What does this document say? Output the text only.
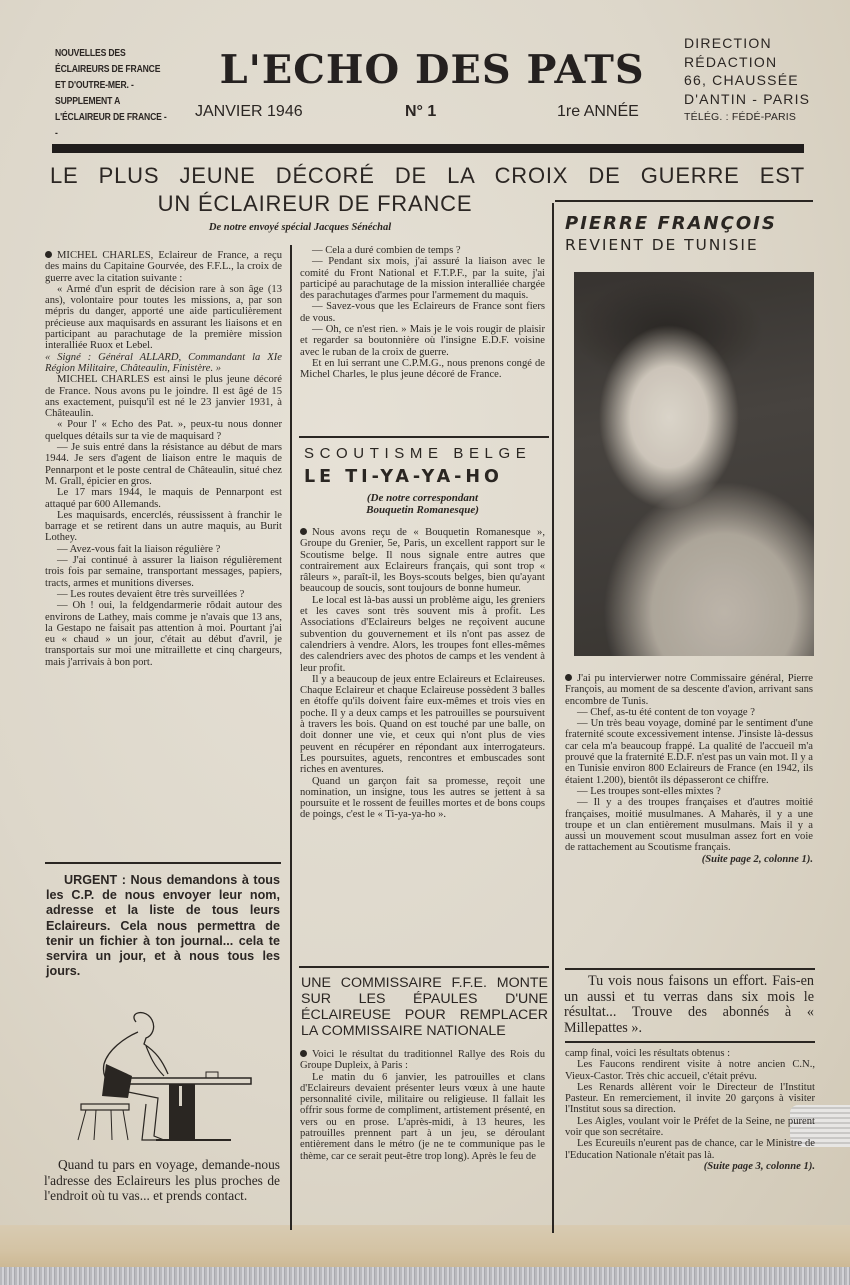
NOUVELLES DES ÉCLAIREURS DE FRANCE ET D'OUTRE-MER. - SUPPLEMENT A L'ÉCLAIREUR DE FRANCE - -
L'ECHO DES PATS
JANVIER 1946	N° 1	1re ANNÉE
DIRECTION
RÉDACTION
66, CHAUSSÉE
D'ANTIN - PARIS
TÉLÉG. : FÉDÉ-PARIS
LE PLUS JEUNE DÉCORÉ DE LA CROIX DE GUERRE EST
UN ÉCLAIREUR DE FRANCE
De notre envoyé spécial Jacques Sénéchal

MICHEL CHARLES, Eclaireur de France, a reçu des mains du Capitaine Gourvée, des F.F.L., la croix de guerre avec la citation suivante :

« Armé d'un esprit de décision rare à son âge (13 ans), volontaire pour toutes les missions, a, par son mépris du danger, apporté une aide particulièrement précieuse aux maquisards en assurant les liaisons et en participant au parachutage de la première mission interalliée Ruox et Lebel.

« Signé : Général ALLARD, Commandant la XIe Région Militaire, Châteaulin, Finistère. »

MICHEL CHARLES est ainsi le plus jeune décoré de France. Nous avons pu le joindre. Il est âgé de 15 ans exactement, puisqu'il est né le 23 janvier 1931, à Châteaulin.

« Pour l' « Echo des Pat. », peux-tu nous donner quelques détails sur ta vie de maquisard ?

— Je suis entré dans la résistance au début de mars 1944. Je sers d'agent de liaison entre le maquis de Pennarpont et le poste central de Châteaulin, situé chez M. Grall, épicier en gros.

Le 17 mars 1944, le maquis de Pennarpont est attaqué par 600 Allemands.

Les maquisards, encerclés, réussissent à franchir le barrage et se retirent dans un autre maquis, au Burit Lothey.

— Avez-vous fait la liaison régulière ?

— J'ai continué à assurer la liaison régulièrement trois fois par semaine, transportant messages, papiers, tracts, armes et munitions diverses.

— Les routes devaient être très surveillées ?

— Oh ! oui, la feldgendarmerie rôdait autour des environs de Lathey, mais comme je n'avais que 13 ans, la Gestapo ne faisait pas attention à moi. Pourtant j'ai eu « chaud » un jour, c'était au début d'avril, je transportais sur moi une mitraillette et cinq chargeurs, mais j'arrivais à bon port.

URGENT : Nous demandons à tous les C.P. de nous envoyer leur nom, adresse et la liste de tous leurs Eclaireurs. Cela nous permettra de tenir un fichier à ton journal... cela te servira un jour, et à nous tous les jours.

Quand tu pars en voyage, demande-nous l'adresse des Eclaireurs les plus proches de l'endroit où tu vas... et prends contact.

— Cela a duré combien de temps ?

— Pendant six mois, j'ai assuré la liaison avec le comité du Front National et F.T.P.F., par la suite, j'ai participé au parachutage de la mission interalliée chargée des parachutages d'armes pour l'armement du maquis.

— Savez-vous que les Eclaireurs de France sont fiers de vous.

— Oh, ce n'est rien. » Mais je le vois rougir de plaisir et regarder sa boutonnière où l'insigne E.D.F. voisine avec le ruban de la croix de guerre.

Et en lui serrant une C.P.M.G., nous prenons congé de Michel Charles, le plus jeune décoré de France.

SCOUTISME BELGE
LE TI-YA-YA-HO
(De notre correspondant
Bouquetin Romanesque)

Nous avons reçu de « Bouquetin Romanesque », Groupe du Grenier, 5e, Paris, un excellent rapport sur le Scoutisme belge. Il nous signale entre autres que contrairement aux Eclaireurs français, qui sont trop « râleurs », paraît-il, les Boys-scouts belges, bien qu'ayant beaucoup de soucis, sont toujours de bonne humeur.

Le local est là-bas aussi un problème aigu, les greniers et les caves sont très souvent mis à profit. Les Associations d'Eclaireurs belges ne reçoivent aucune subvention du gouvernement et ils n'ont pas assez de calendriers à vendre. Alors, les troupes font elles-mêmes des calendriers avec des photos de camps et les vendent à leur profit.

Il y a beaucoup de jeux entre Eclaireurs et Eclaireuses. Chaque Eclaireur et chaque Eclaireuse possèdent 3 balles en étoffe qu'ils doivent faire eux-mêmes et trois vies en poche. Il y a deux camps et les patrouilles se poursuivent à travers les bois. Quand on est touché par une balle, on doit donner une vie, et ceux qui n'ont plus de vies peuvent en récupérer en répondant aux interrogateurs. Les poursuites, aguets, rencontres et embuscades sont riches en aventures.

Quand un garçon fait sa promesse, reçoit une nomination, un insigne, tous les autres se jettent à sa poursuite et le rossent de feuilles mortes et de bons coups de poings, c'est le « Ti-ya-ya-ho ».

UNE COMMISSAIRE F.F.E. MONTE SUR LES ÉPAULES D'UNE ÉCLAIREUSE POUR REMPLACER LA COMMISSAIRE NATIONALE

Voici le résultat du traditionnel Rallye des Rois du Groupe Dupleix, à Paris :

Le matin du 6 janvier, les patrouilles et clans d'Eclaireurs devaient présenter leurs vœux à une haute personnalité civile, militaire ou religieuse. Il fallait les offrir sous forme de compliment, artistement présenté, en vers ou en prose. L'après-midi, à 13 heures, les patrouilles prennent part à un jeu, se déroulant entièrement dans le métro (je ne te communique pas le thème, car ce serait peut-être trop long). Après le feu de

PIERRE FRANÇOIS
REVIENT DE TUNISIE

J'ai pu intervierwer notre Commissaire général, Pierre François, au moment de sa descente d'avion, arrivant sans encombre de Tunis.

— Chef, as-tu été content de ton voyage ?

— Un très beau voyage, dominé par le sentiment d'une fraternité scoute excessivement intense. J'insiste là-dessus car cela m'a beaucoup frappé. La qualité de l'accueil m'a prouvé que la fraternité E.D.F. n'est pas un vain mot. Il y a en Tunisie environ 800 Eclaireurs de France (en 1942, ils étaient 1.200), bientôt ils dépasseront ce chiffre.

— Les troupes sont-elles mixtes ?

— Il y a des troupes françaises et d'autres moitié françaises, moitié musulmanes. A Maharès, il y a une troupe et un clan entièrement musulmans. Mais il y a aussi un mouvement scout musulman assez fort en voie de rattachement au Scoutisme français.

(Suite page 2, colonne 1).

Tu vois nous faisons un effort. Fais-en un aussi et tu verras dans six mois le résultat... Trouve des abonnés à « Millepattes ».

camp final, voici les résultats obtenus :

Les Faucons rendirent visite à notre ancien C.N., Vieux-Castor. Très chic accueil, c'était prévu.

Les Renards allèrent voir le Directeur de l'Institut Pasteur. En remerciement, il invite 20 garçons à visiter l'Institut sous sa direction.

Les Aigles, voulant voir le Préfet de la Seine, ne purent voir que son secrétaire.

Les Ecureuils n'eurent pas de chance, car le Ministre de l'Education Nationale n'était pas là.

(Suite page 3, colonne 1).
